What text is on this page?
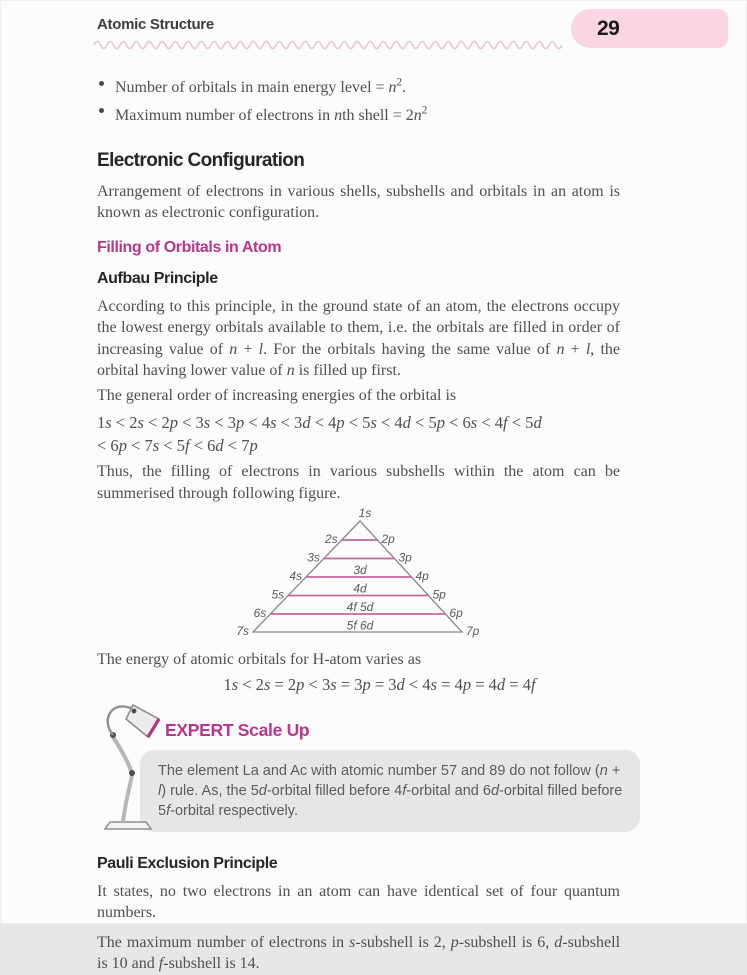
Atomic Structure	29
Number of orbitals in main energy level = $n^2$.
Maximum number of electrons in nth shell = $2n^2$
Electronic Configuration

Arrangement of electrons in various shells, subshells and orbitals in an atom is known as electronic configuration.

Filling of Orbitals in Atom
Aufbau Principle

According to this principle, in the ground state of an atom, the electrons occupy the lowest energy orbitals available to them, i.e. the orbitals are filled in order of increasing value of n + l. For the orbitals having the same value of n + l, the orbital having lower value of n is filled up first.

The general order of increasing energies of the orbital is

1s < 2s < 2p < 3s < 3p < 4s < 3d < 4p < 5s < 4d < 5p < 6s < 4f < 5d
< 6p < 7s < 5f < 6d < 7p

Thus, the filling of electrons in various subshells within the atom can be summerised through following figure.

1s
2s
3s
4s
5s
6s
7s
2p
3p
4p
5p
6p
7p
3d
4d
4f 5d
5f 6d

The energy of atomic orbitals for H-atom varies as

1s < 2s = 2p < 3s = 3p = 3d < 4s = 4p = 4d = 4f
EXPERT Scale Up

The element La and Ac with atomic number 57 and 89 do not follow (n + l) rule. As, the 5d-orbital filled before 4f-orbital and 6d-orbital filled before 5f-orbital respectively.

Pauli Exclusion Principle

It states, no two electrons in an atom can have identical set of four quantum numbers.

The maximum number of electrons in s-subshell is 2, p-subshell is 6, d-subshell is 10 and f-subshell is 14.
